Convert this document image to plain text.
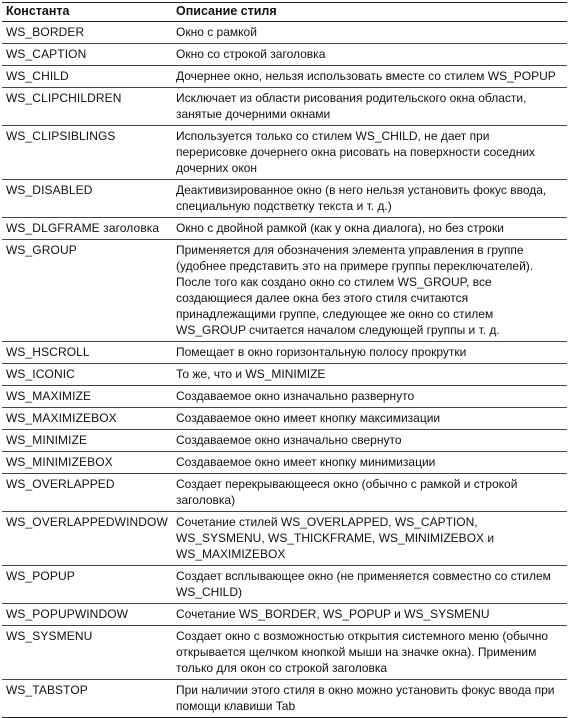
Константа	Описание стиля
WS_BORDER	Окно с рамкой
WS_CAPTION	Окно со строкой заголовка
WS_CHILD	Дочернее окно, нельзя использовать вместе со стилем WS_POPUP
WS_CLIPCHILDREN	Исключает из области рисования родительского окна области, занятые дочерними окнами
WS_CLIPSIBLINGS	Используется только со стилем WS_CHILD, не дает при перерисовке дочернего окна рисовать на поверхности соседних дочерних окон
WS_DISABLED	Деактивизированное окно (в него нельзя установить фокус ввода, специальную подстветку текста и т. д.)
WS_DLGFRAME заголовка	Окно с двойной рамкой (как у окна диалога), но без строки
WS_GROUP	Применяется для обозначения элемента управления в группе (удобнее представить это на примере группы переключателей). После того как создано окно со стилем WS_GROUP, все создающиеся далее окна без этого стиля считаются принадлежащими группе, следующее же окно со стилем WS_GROUP считается началом следующей группы и т. д.
WS_HSCROLL	Помещает в окно горизонтальную полосу прокрутки
WS_ICONIC	То же, что и WS_MINIMIZE
WS_MAXIMIZE	Создаваемое окно изначально развернуто
WS_MAXIMIZEBOX	Создаваемое окно имеет кнопку максимизации
WS_MINIMIZE	Создаваемое окно изначально свернуто
WS_MINIMIZEBOX	Создаваемое окно имеет кнопку минимизации
WS_OVERLAPPED	Создает перекрывающееся окно (обычно с рамкой и строкой заголовка)
WS_OVERLAPPEDWINDOW	Сочетание стилей WS_OVERLAPPED, WS_CAPTION, WS_SYSMENU, WS_THICKFRAME, WS_MINIMIZEBOX и WS_MAXIMIZEBOX
WS_POPUP	Создает всплывающее окно (не применяется совместно со стилем WS_CHILD)
WS_POPUPWINDOW	Сочетание WS_BORDER, WS_POPUP и WS_SYSMENU
WS_SYSMENU	Создает окно с возможностью открытия системного меню (обычно открывается щелчком кнопкой мыши на значке окна). Применим только для окон со строкой заголовка
WS_TABSTOP	При наличии этого стиля в окно можно установить фокус ввода при помощи клавиши Tab
